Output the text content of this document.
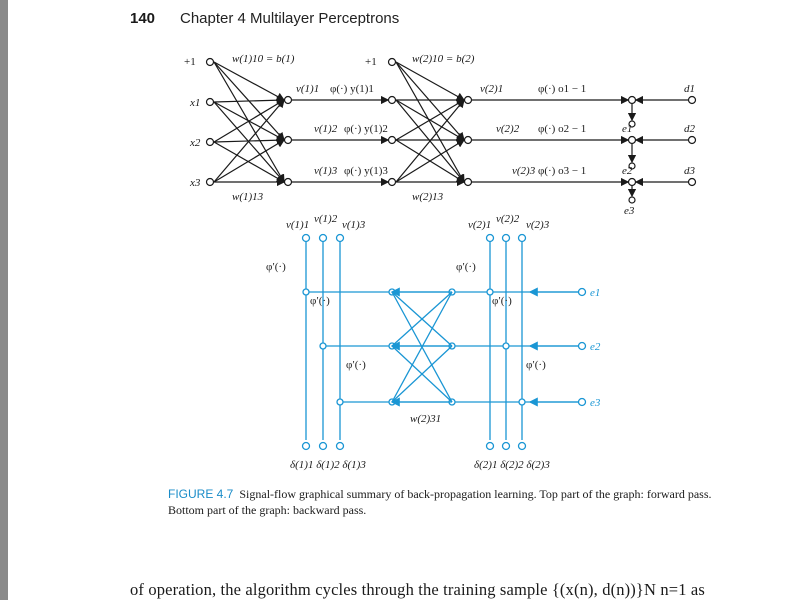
140 Chapter 4 Multilayer Perceptrons
+1	w(1)10 = b(1)	+1	w(2)10 = b(2)
x1
x2
x3
v(1)1
v(1)2
v(1)3
φ(·) y(1)1
φ(·) y(1)2
φ(·) y(1)3
v(2)1
v(2)2
v(2)3
φ(·) o1 − 1
φ(·) o2 − 1
φ(·) o3 − 1
e1
e2
e3
d1
d2
d3
w(1)13	w(2)13
v(1)1 v(1)2 v(1)3	v(2)1 v(2)2 v(2)3
φ′(·)	φ′(·)
φ′(·)	φ′(·)
φ′(·)	φ′(·)
e1
e2
e3
w(2)31
δ(1)1 δ(1)2 δ(1)3	δ(2)1 δ(2)2 δ(2)3
FIGURE 4.7 Signal-flow graphical summary of back-propagation learning. Top part of the graph: forward pass. Bottom part of the graph: backward pass.
of operation, the algorithm cycles through the training sample {(x(n), d(n))}N n=1 as
